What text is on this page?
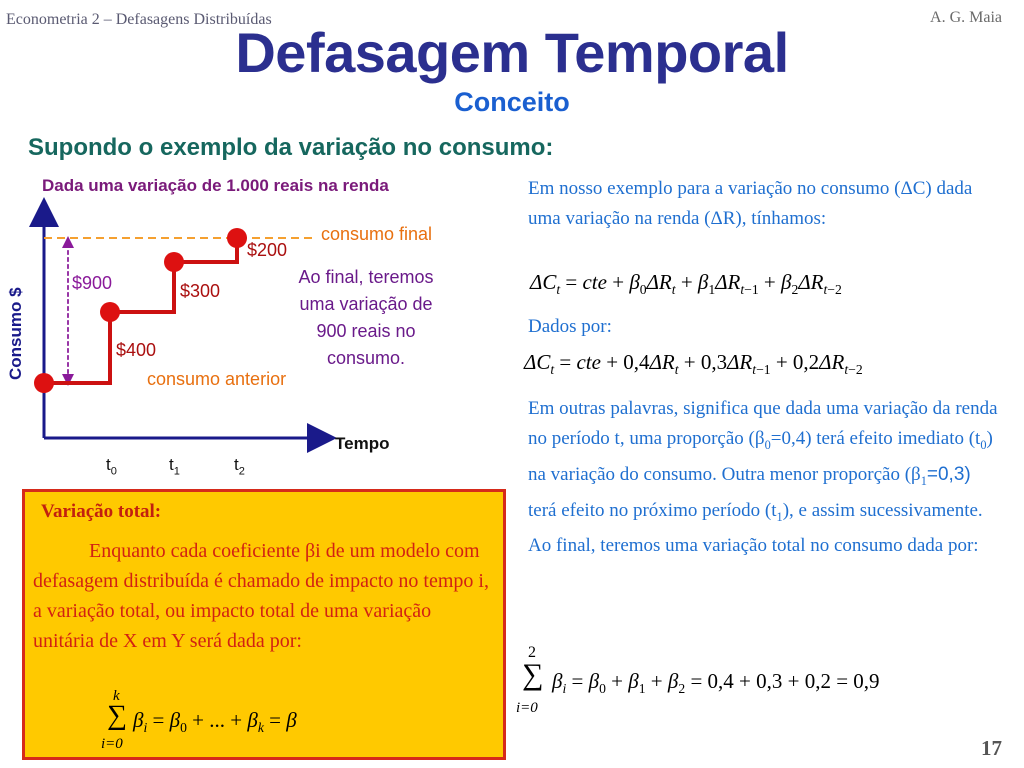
Econometria 2 – Defasagens Distribuídas	A. G. Maia
Defasagem Temporal
Conceito
Supondo o exemplo da variação no consumo:
Dada uma variação de 1.000 reais na renda
Consumo $
Tempo
$t_0$	$t_1$	$t_2$
$400
$300
$200
$900
consumo final
consumo anterior
Ao final, teremos
uma variação de
900 reais no
consumo.
Em nosso exemplo para a variação no consumo (ΔC) dada uma variação na renda (ΔR), tínhamos:
$\Delta C_t$ = cte + $\beta_0\Delta R_t + \beta_1\Delta R_{t-1} + \beta_2\Delta R_{t-2}$
Dados por:
$\Delta C_t$ = cte + $0,4\Delta R_t + 0,3\Delta R_{t-1} + 0,2\Delta R_{t-2}$
Em outras palavras, significa que dada uma variação da renda no período t, uma proporção $(\beta_0=0,4)$ terá efeito imediato $(t_0)$ na variação do consumo. Outra menor proporção $(\beta_1=0,3)$ terá efeito no próximo período $(t_1)$, e assim sucessivamente.
Ao final, teremos uma variação total no consumo dada por:
2
∑
i=0
$\beta_i = \beta_0 + \beta_1 + \beta_2 = 0,4 + 0,3 + 0,2 = 0,9$
Variação total:
Enquanto cada coeficiente βi de um modelo com defasagem distribuída é chamado de impacto no tempo i, a variação total, ou impacto total de uma variação unitária de X em Y será dada por:
k
∑
i=0
$\beta_i = \beta_0$ + ... + $\beta_k = \beta$
17
